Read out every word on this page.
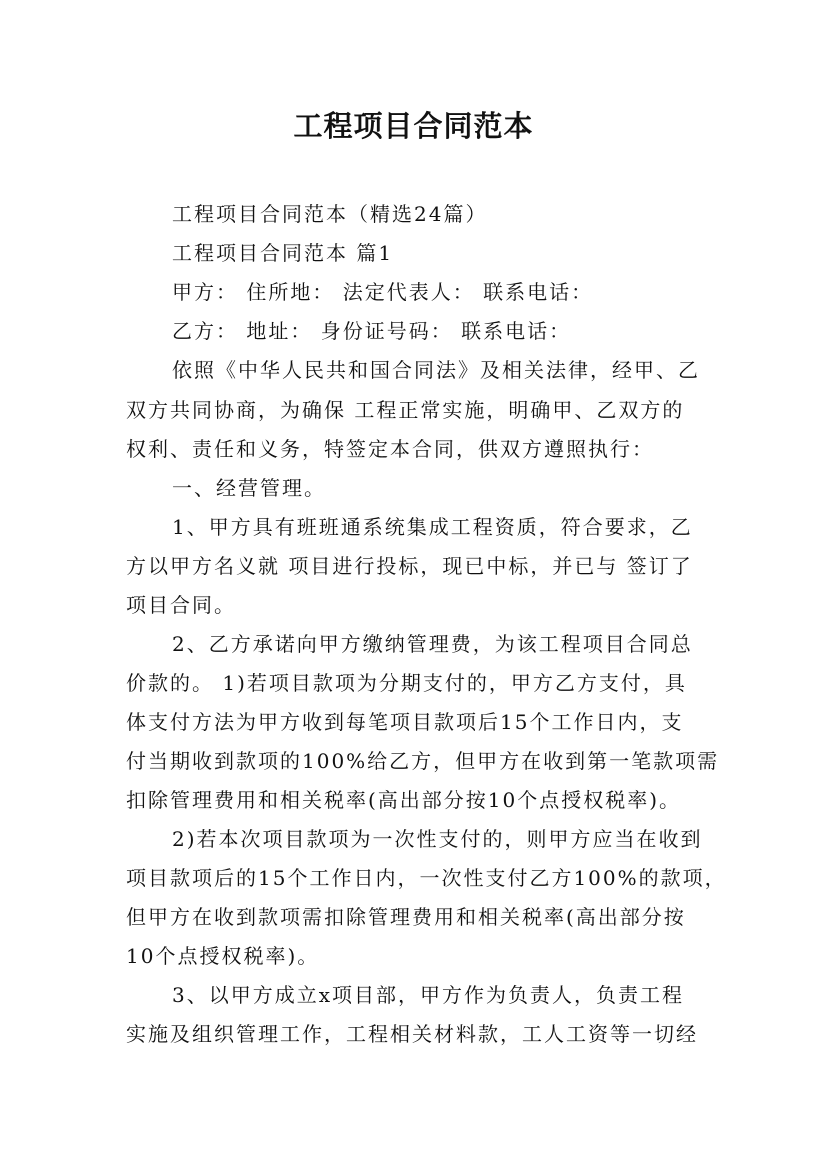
工程项目合同范本
工程项目合同范本（精选24篇）
工程项目合同范本 篇1
甲方： 住所地： 法定代表人： 联系电话：
乙方： 地址： 身份证号码： 联系电话：
依照《中华人民共和国合同法》及相关法律，经甲、乙
双方共同协商，为确保 工程正常实施，明确甲、乙双方的
权利、责任和义务，特签定本合同，供双方遵照执行：
一、经营管理。
1、甲方具有班班通系统集成工程资质，符合要求，乙
方以甲方名义就 项目进行投标，现已中标，并已与 签订了
项目合同。
2、乙方承诺向甲方缴纳管理费，为该工程项目合同总
价款的。 1)若项目款项为分期支付的，甲方乙方支付，具
体支付方法为甲方收到每笔项目款项后15个工作日内，支
付当期收到款项的100%给乙方，但甲方在收到第一笔款项需
扣除管理费用和相关税率(高出部分按10个点授权税率)。
2)若本次项目款项为一次性支付的，则甲方应当在收到
项目款项后的15个工作日内，一次性支付乙方100%的款项，
但甲方在收到款项需扣除管理费用和相关税率(高出部分按
10个点授权税率)。
3、以甲方成立x项目部，甲方作为负责人，负责工程
实施及组织管理工作，工程相关材料款，工人工资等一切经
